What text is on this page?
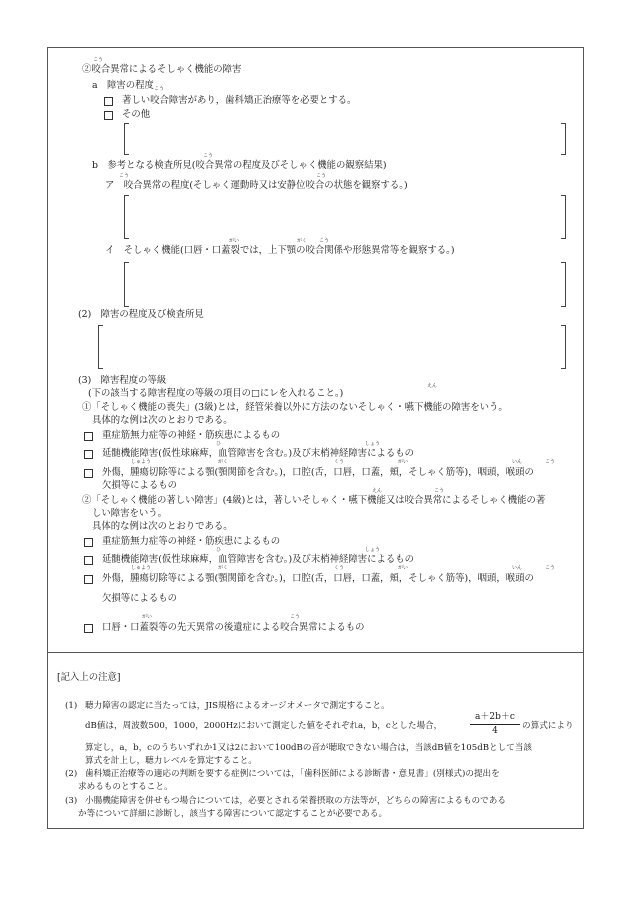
こう
②咬合異常によるそしゃく機能の障害
こう
a　障害の程度
著しい咬合障害があり，歯科矯正治療等を必要とする。
その他
こう
b　参考となる検査所見(咬合異常の程度及びそしゃく機能の観察結果)
こう	こう
ア　咬合異常の程度(そしゃく運動時又は安静位咬合の状態を観察する。)
がい	がく こう
イ　そしゃく機能(口唇・口蓋裂では，上下顎の咬合関係や形態異常等を観察する。)
(2)　障害の程度及び検査所見
(3)　障害程度の等級	えん
(下の該当する障害程度の等級の項目の□にレを入れること。)
①「そしゃく機能の喪失」(3級)とは，経管栄養以外に方法のないそしゃく・嚥下機能の障害をいう。
具体的な例は次のとおりである。
重症筋無力症等の神経・筋疾患によるもの
ひ	しょう
延髄機能障害(仮性球麻痺，血管障害を含む。)及び末梢神経障害によるもの
しゅよう	がく	くう	がい	いん	こう
外傷，腫瘍切除等による顎(顎関節を含む。)，口腔(舌，口唇，口蓋，頬，そしゃく筋等)，咽頭，喉頭の
欠損等によるもの	えん	こう
②「そしゃく機能の著しい障害」(4級)とは，著しいそしゃく・嚥下機能又は咬合異常によるそしゃく機能の著
しい障害をいう。
具体的な例は次のとおりである。
重症筋無力症等の神経・筋疾患によるもの
ひ	しょう
延髄機能障害(仮性球麻痺，血管障害を含む。)及び末梢神経障害によるもの
しゅよう	がく	くう	がい	いん	こう
外傷，腫瘍切除等による顎(顎関節を含む。)，口腔(舌，口唇，口蓋，頬，そしゃく筋等)，咽頭，喉頭の
欠損等によるもの
がい	こう
口唇・口蓋裂等の先天異常の後遺症による咬合異常によるもの
[記入上の注意]
(1) 聴力障害の認定に当たっては，JIS規格によるオージオメータで測定すること。
dB値は，周波数500，1000，2000Hzにおいて測定した値をそれぞれa，b，cとした場合，	$\frac{a+2b+c}{4}$ の算式により
算定し，a，b，cのうちいずれか1又は2において100dBの音が聴取できない場合は，当該dB値を105dBとして当該
算式を計上し，聴力レベルを算定すること。
(2) 歯科矯正治療等の適応の判断を要する症例については，「歯科医師による診断書・意見書」(別様式)の提出を
求めるものとすること。
(3) 小腸機能障害を併せもつ場合については，必要とされる栄養摂取の方法等が，どちらの障害によるものである
か等について詳細に診断し，該当する障害について認定することが必要である。
